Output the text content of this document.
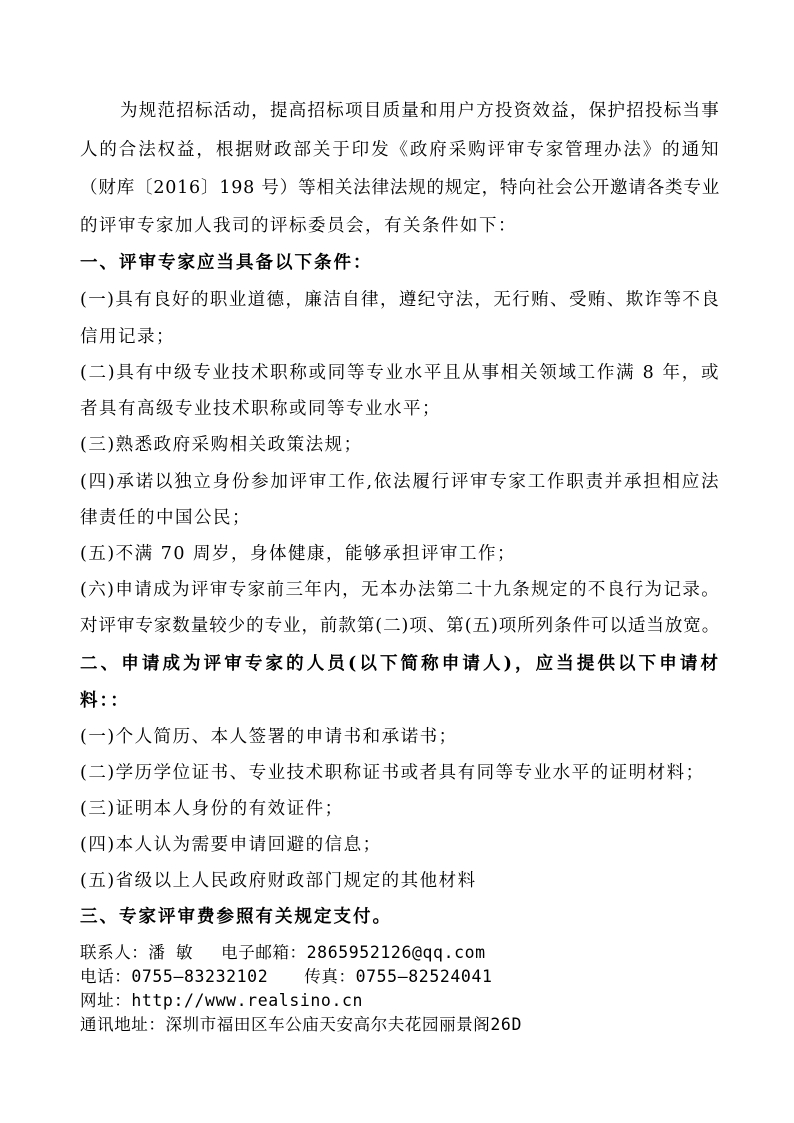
为规范招标活动，提高招标项目质量和用户方投资效益，保护招投标当事
人的合法权益，根据财政部关于印发《政府采购评审专家管理办法》的通知
（财库〔2016〕198 号）等相关法律法规的规定，特向社会公开邀请各类专业
的评审专家加人我司的评标委员会，有关条件如下：
一、评审专家应当具备以下条件：
(一)具有良好的职业道德，廉洁自律，遵纪守法，无行贿、受贿、欺诈等不良
信用记录；
(二)具有中级专业技术职称或同等专业水平且从事相关领域工作满 8 年，或
者具有高级专业技术职称或同等专业水平；
(三)熟悉政府采购相关政策法规；
(四)承诺以独立身份参加评审工作,依法履行评审专家工作职责并承担相应法
律责任的中国公民；
(五)不满 70 周岁，身体健康，能够承担评审工作；
(六)申请成为评审专家前三年内，无本办法第二十九条规定的不良行为记录。
对评审专家数量较少的专业，前款第(二)项、第(五)项所列条件可以适当放宽。
二、申请成为评审专家的人员(以下简称申请人)，应当提供以下申请材
料：：
(一)个人简历、本人签署的申请书和承诺书；
(二)学历学位证书、专业技术职称证书或者具有同等专业水平的证明材料；
(三)证明本人身份的有效证件；
(四)本人认为需要申请回避的信息；
(五)省级以上人民政府财政部门规定的其他材料
三、专家评审费参照有关规定支付。
联系人：潘 敏 电子邮箱：2865952126@qq.com
电话：0755—83232102 传真：0755—82524041
网址：http://www.realsino.cn
通讯地址：深圳市福田区车公庙天安高尔夫花园丽景阁26D
